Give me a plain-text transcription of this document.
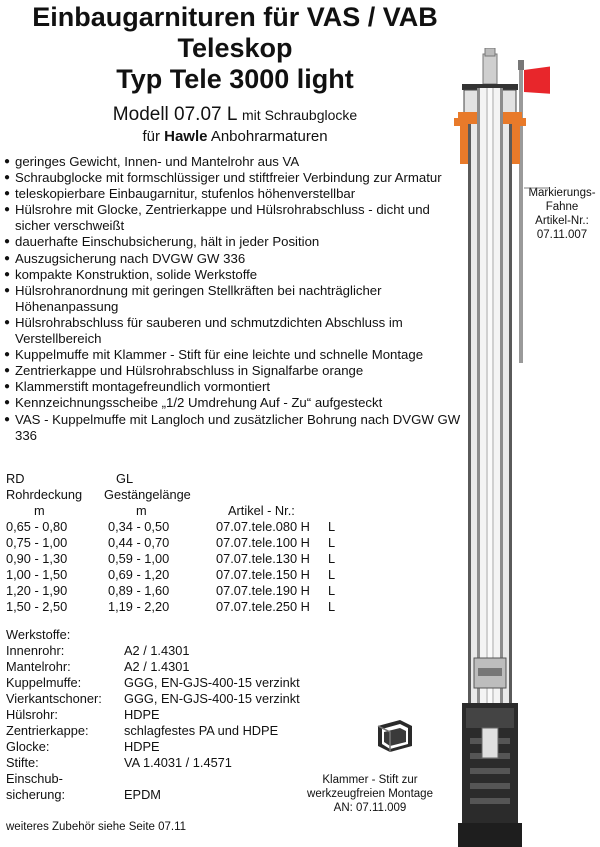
Einbaugarnituren für VAS / VAB
Teleskop
Typ Tele 3000 light
Modell 07.07 L mit Schraubglocke
für Hawle Anbohrarmaturen
● geringes Gewicht, Innen- und Mantelrohr aus VA
● Schraubglocke mit formschlüssiger und stiftfreier Verbindung zur Armatur
● teleskopierbare Einbaugarnitur, stufenlos höhenverstellbar
● Hülsrohre mit Glocke, Zentrierkappe und Hülsrohrabschluss - dicht und sicher verschweißt
● dauerhafte Einschubsicherung, hält in jeder Position
● Auszugsicherung nach DVGW GW 336
● kompakte Konstruktion, solide Werkstoffe
● Hülsrohranordnung mit geringen Stellkräften bei nachträglicher Höhenanpassung
● Hülsrohrabschluss für sauberen und schmutzdichten Abschluss im Verstellbereich
● Kuppelmuffe mit Klammer - Stift für eine leichte und schnelle Montage
● Zentrierkappe und Hülsrohrabschluss in Signalfarbe orange
● Klammerstift montagefreundlich vormontiert
● Kennzeichnungsscheibe „1/2 Umdrehung Auf - Zu“ aufgesteckt
● VAS - Kuppelmuffe mit Langloch und zusätzlicher Bohrung nach DVGW GW 336
RD	GL		
Rohrdeckung	Gestängelänge		
m	m	Artikel - Nr.:	
0,65 - 0,80	0,34 - 0,50	07.07.tele.080 H	L
0,75 - 1,00	0,44 - 0,70	07.07.tele.100 H	L
0,90 - 1,30	0,59 - 1,00	07.07.tele.130 H	L
1,00 - 1,50	0,69 - 1,20	07.07.tele.150 H	L
1,20 - 1,90	0,89 - 1,60	07.07.tele.190 H	L
1,50 - 2,50	1,19 - 2,20	07.07.tele.250 H	L
Werkstoffe:	
Innenrohr:	A2 / 1.4301
Mantelrohr:	A2 / 1.4301
Kuppelmuffe:	GGG, EN-GJS-400-15 verzinkt
Vierkantschoner:	GGG, EN-GJS-400-15 verzinkt
Hülsrohr:	HDPE
Zentrierkappe:	schlagfestes PA und HDPE
Glocke:	HDPE
Stifte:	VA 1.4031 / 1.4571
Einschub-	
sicherung:	EPDM
weiteres Zubehör siehe Seite 07.11
Markierungs-
Fahne
Artikel-Nr.:
07.11.007
Klammer - Stift zur
werkzeugfreien Montage
AN: 07.11.009
